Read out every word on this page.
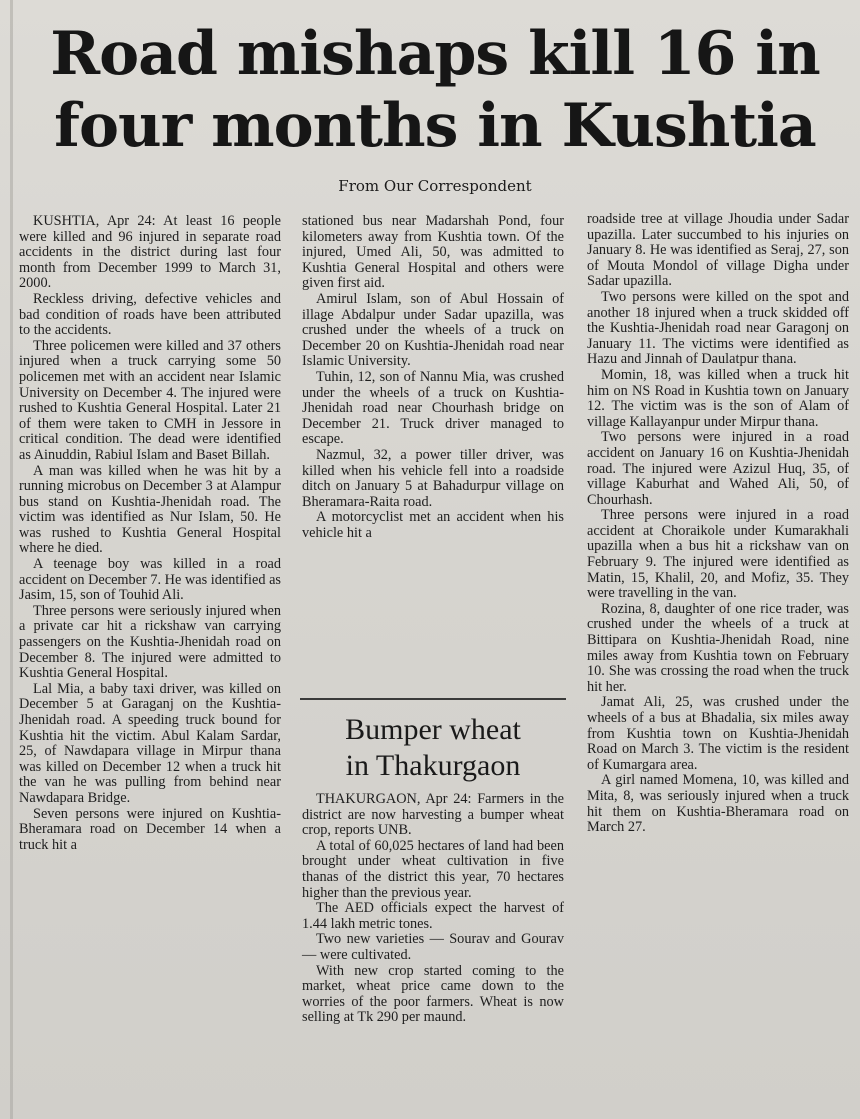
Road mishaps kill 16 in
four months in Kushtia
From Our Correspondent

KUSHTIA, Apr 24: At least 16 people were killed and 96 injured in separate road accidents in the district during last four month from December 1999 to March 31, 2000.

Reckless driving, defective vehicles and bad condition of roads have been attributed to the accidents.

Three policemen were killed and 37 others injured when a truck carrying some 50 policemen met with an accident near Islamic University on December 4. The injured were rushed to Kushtia General Hospital. Later 21 of them were taken to CMH in Jessore in critical condition. The dead were identified as Ainuddin, Rabiul Islam and Baset Billah.

A man was killed when he was hit by a running microbus on December 3 at Alampur bus stand on Kushtia-Jhenidah road. The victim was identified as Nur Islam, 50. He was rushed to Kushtia General Hospital where he died.

A teenage boy was killed in a road accident on December 7. He was identified as Jasim, 15, son of Touhid Ali.

Three persons were seriously injured when a private car hit a rickshaw van carrying passengers on the Kushtia-Jhenidah road on December 8. The injured were admitted to Kushtia General Hospital.

Lal Mia, a baby taxi driver, was killed on December 5 at Garaganj on the Kushtia-Jhenidah road. A speeding truck bound for Kushtia hit the victim. Abul Kalam Sardar, 25, of Nawdapara village in Mirpur thana was killed on December 12 when a truck hit the van he was pulling from behind near Nawdapara Bridge.

Seven persons were injured on Kushtia-Bheramara road on December 14 when a truck hit a

stationed bus near Madarshah Pond, four kilometers away from Kushtia town. Of the injured, Umed Ali, 50, was admitted to Kushtia General Hospital and others were given first aid.

Amirul Islam, son of Abul Hossain of illage Abdalpur under Sadar upazilla, was crushed under the wheels of a truck on December 20 on Kushtia-Jhenidah road near Islamic University.

Tuhin, 12, son of Nannu Mia, was crushed under the wheels of a truck on Kushtia-Jhenidah road near Chourhash bridge on December 21. Truck driver managed to escape.

Nazmul, 32, a power tiller driver, was killed when his vehicle fell into a roadside ditch on January 5 at Bahadurpur village on Bheramara-Raita road.

A motorcyclist met an accident when his vehicle hit a

Bumper wheat
in Thakurgaon

THAKURGAON, Apr 24: Farmers in the district are now harvesting a bumper wheat crop, reports UNB.

A total of 60,025 hectares of land had been brought under wheat cultivation in five thanas of the district this year, 70 hectares higher than the previous year.

The AED officials expect the harvest of 1.44 lakh metric tones.

Two new varieties — Sourav and Gourav — were cultivated.

With new crop started coming to the market, wheat price came down to the worries of the poor farmers. Wheat is now selling at Tk 290 per maund.

roadside tree at village Jhoudia under Sadar upazilla. Later succumbed to his injuries on January 8. He was identified as Seraj, 27, son of Mouta Mondol of village Digha under Sadar upazilla.

Two persons were killed on the spot and another 18 injured when a truck skidded off the Kushtia-Jhenidah road near Garagonj on January 11. The victims were identified as Hazu and Jinnah of Daulatpur thana.

Momin, 18, was killed when a truck hit him on NS Road in Kushtia town on January 12. The victim was is the son of Alam of village Kallayanpur under Mirpur thana.

Two persons were injured in a road accident on January 16 on Kushtia-Jhenidah road. The injured were Azizul Huq, 35, of village Kaburhat and Wahed Ali, 50, of Chourhash.

Three persons were injured in a road accident at Choraikole under Kumarakhali upazilla when a bus hit a rickshaw van on February 9. The injured were identified as Matin, 15, Khalil, 20, and Mofiz, 35. They were travelling in the van.

Rozina, 8, daughter of one rice trader, was crushed under the wheels of a truck at Bittipara on Kushtia-Jhenidah Road, nine miles away from Kushtia town on February 10. She was crossing the road when the truck hit her.

Jamat Ali, 25, was crushed under the wheels of a bus at Bhadalia, six miles away from Kushtia town on Kushtia-Jhenidah Road on March 3. The victim is the resident of Kumargara area.

A girl named Momena, 10, was killed and Mita, 8, was seriously injured when a truck hit them on Kushtia-Bheramara road on March 27.
